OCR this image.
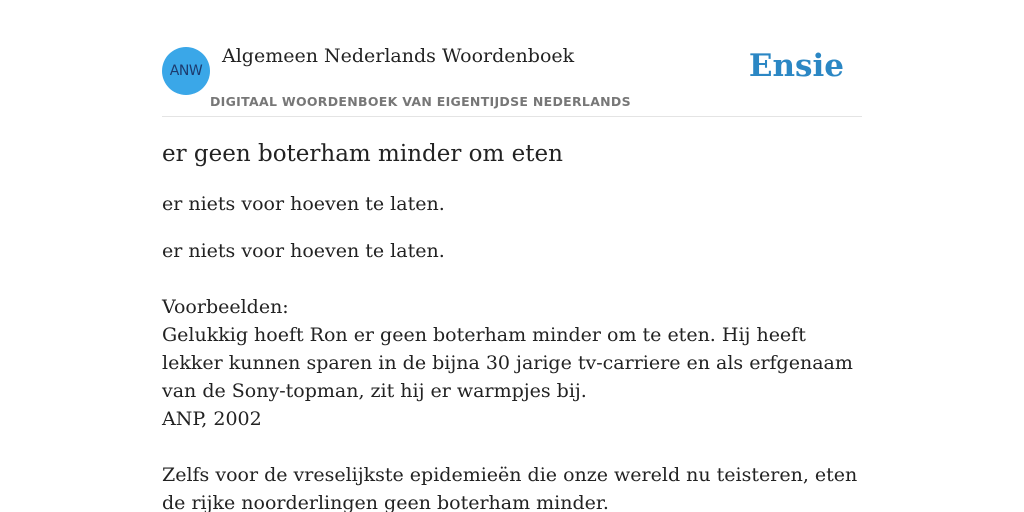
ANW
Algemeen Nederlands Woordenboek
DIGITAAL WOORDENBOEK VAN EIGENTIJDSE NEDERLANDS
Ensie
er geen boterham minder om eten

er niets voor hoeven te laten.

er niets voor hoeven te laten.

Voorbeelden:

Gelukkig hoeft Ron er geen boterham minder om te eten. Hij heeft lekker kunnen sparen in de bijna 30 jarige tv-carriere en als erfgenaam van de Sony-topman, zit hij er warmpjes bij.

ANP, 2002

Zelfs voor de vreselijkste epidemieën die onze wereld nu teisteren, eten de rijke noorderlingen geen boterham minder.
